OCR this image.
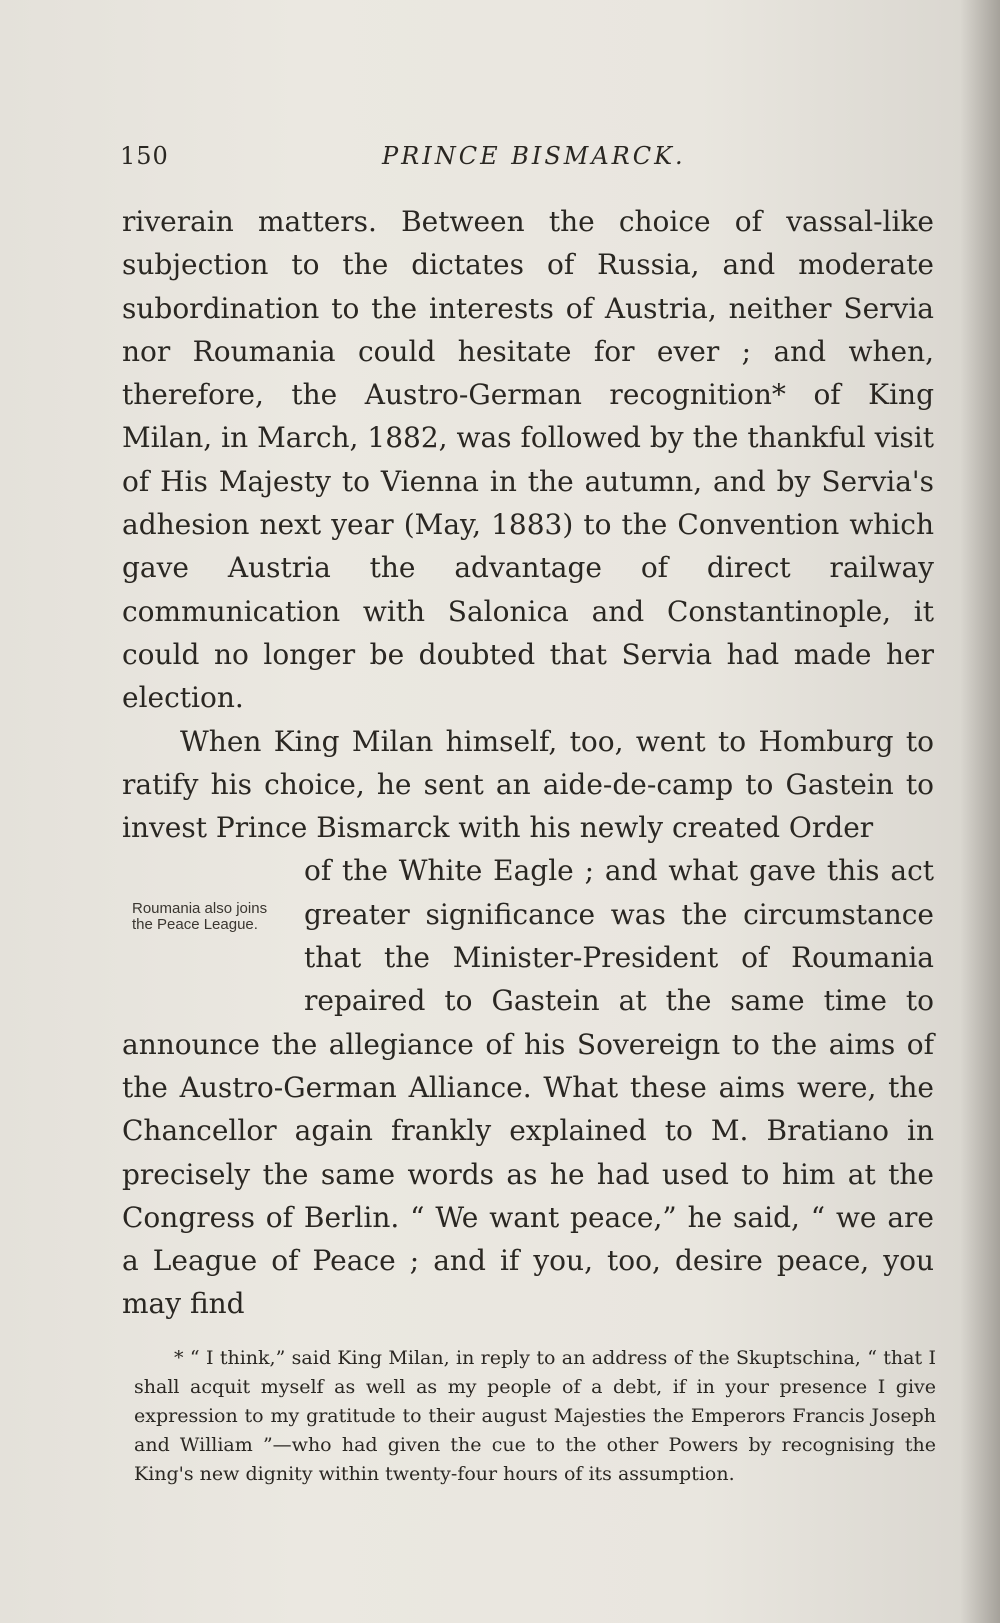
150	PRINCE BISMARCK.

riverain matters. Between the choice of vassal-like subjection to the dictates of Russia, and moderate subordination to the interests of Austria, neither Servia nor Roumania could hesitate for ever ; and when, therefore, the Austro-German recognition* of King Milan, in March, 1882, was followed by the thankful visit of His Majesty to Vienna in the autumn, and by Servia's adhesion next year (May, 1883) to the Convention which gave Austria the advantage of direct railway communication with Salonica and Constantinople, it could no longer be doubted that Servia had made her election.

When King Milan himself, too, went to Homburg to ratify his choice, he sent an aide-de-camp to Gastein to invest Prince Bismarck with his newly created Order

Roumania also joins the Peace League.

of the White Eagle ; and what gave this act greater significance was the circumstance that the Minister-President of Roumania repaired to Gastein at the same time to announce the allegiance of his Sovereign to the aims of the Austro-German Alliance. What these aims were, the Chancellor again frankly explained to M. Bratiano in precisely the same words as he had used to him at the Congress of Berlin. “ We want peace,” he said, “ we are a League of Peace ; and if you, too, desire peace, you may find

* “ I think,” said King Milan, in reply to an address of the Skuptschina, “ that I shall acquit myself as well as my people of a debt, if in your presence I give expression to my gratitude to their august Majesties the Emperors Francis Joseph and William ”—who had given the cue to the other Powers by recognising the King's new dignity within twenty-four hours of its assumption.
